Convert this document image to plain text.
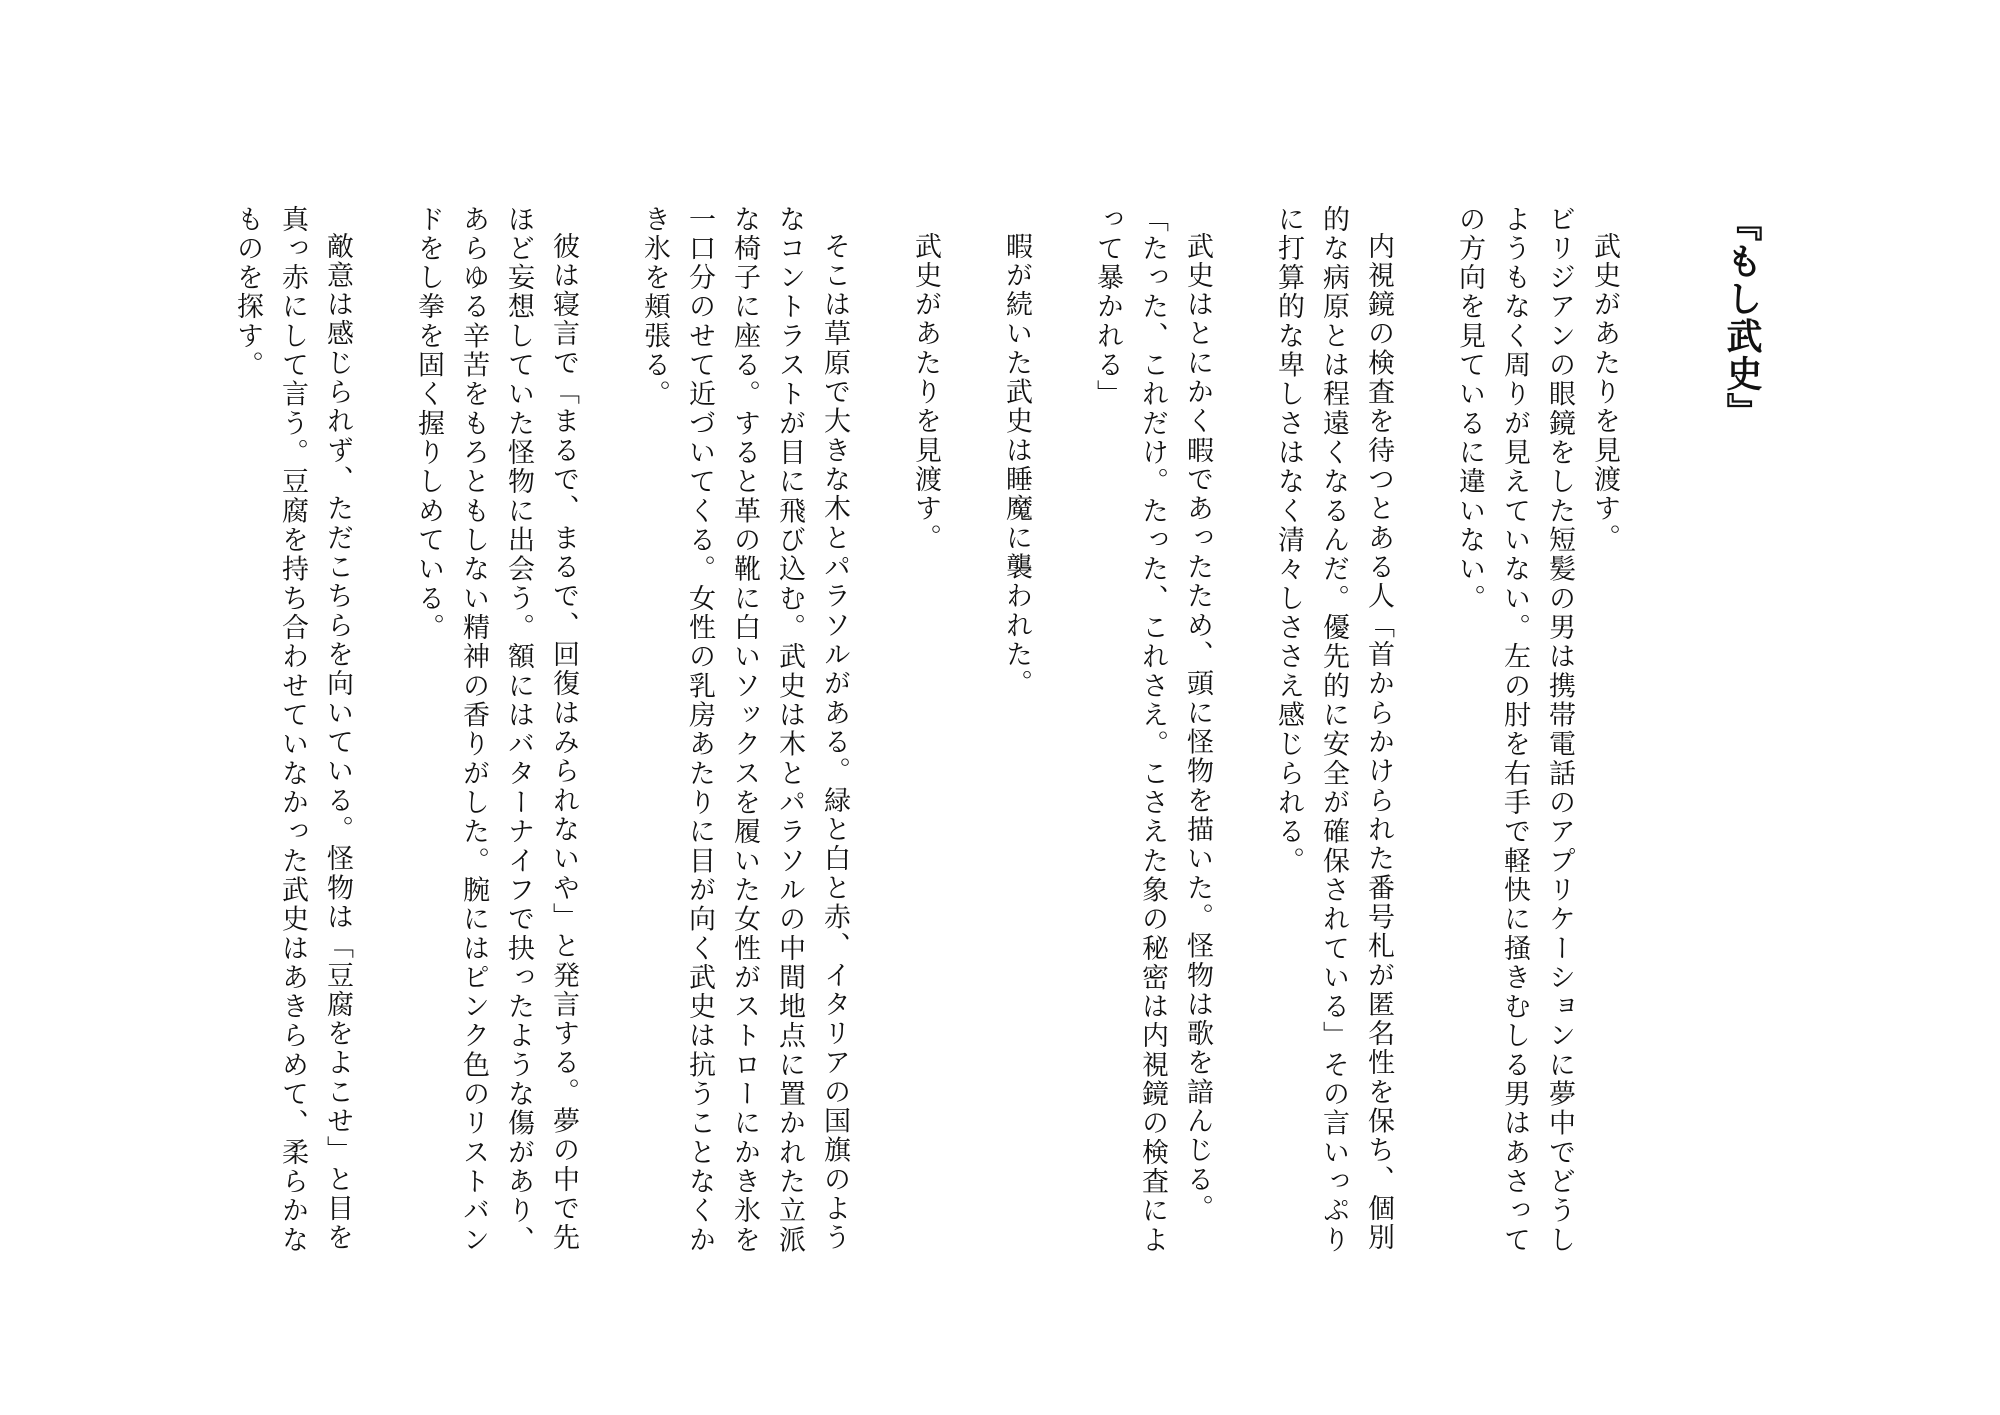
『もし武史』

武史があたりを見渡す。

ビリジアンの眼鏡をした短髪の男は携帯電話のアプリケーションに夢中でどうしようもなく周りが見えていない。左の肘を右手で軽快に掻きむしる男はあさっての方向を見ているに違いない。

内視鏡の検査を待つとある人「首からかけられた番号札が匿名性を保ち、個別的な病原とは程遠くなるんだ。優先的に安全が確保されている」その言いっぷりに打算的な卑しさはなく清々しささえ感じられる。

武史はとにかく暇であったため、頭に怪物を描いた。怪物は歌を諳んじる。「たった、これだけ。たった、これさえ。こさえた象の秘密は内視鏡の検査によって暴かれる」

暇が続いた武史は睡魔に襲われた。

武史があたりを見渡す。

そこは草原で大きな木とパラソルがある。緑と白と赤、イタリアの国旗のようなコントラストが目に飛び込む。武史は木とパラソルの中間地点に置かれた立派な椅子に座る。すると革の靴に白いソックスを履いた女性がストローにかき氷を一口分のせて近づいてくる。女性の乳房あたりに目が向く武史は抗うことなくかき氷を頬張る。

彼は寝言で「まるで、まるで、回復はみられないや」と発言する。夢の中で先ほど妄想していた怪物に出会う。額にはバターナイフで抉ったような傷があり、あらゆる辛苦をもろともしない精神の香りがした。腕にはピンク色のリストバンドをし拳を固く握りしめている。

敵意は感じられず、ただこちらを向いている。怪物は「豆腐をよこせ」と目を真っ赤にして言う。豆腐を持ち合わせていなかった武史はあきらめて、柔らかなものを探す。
